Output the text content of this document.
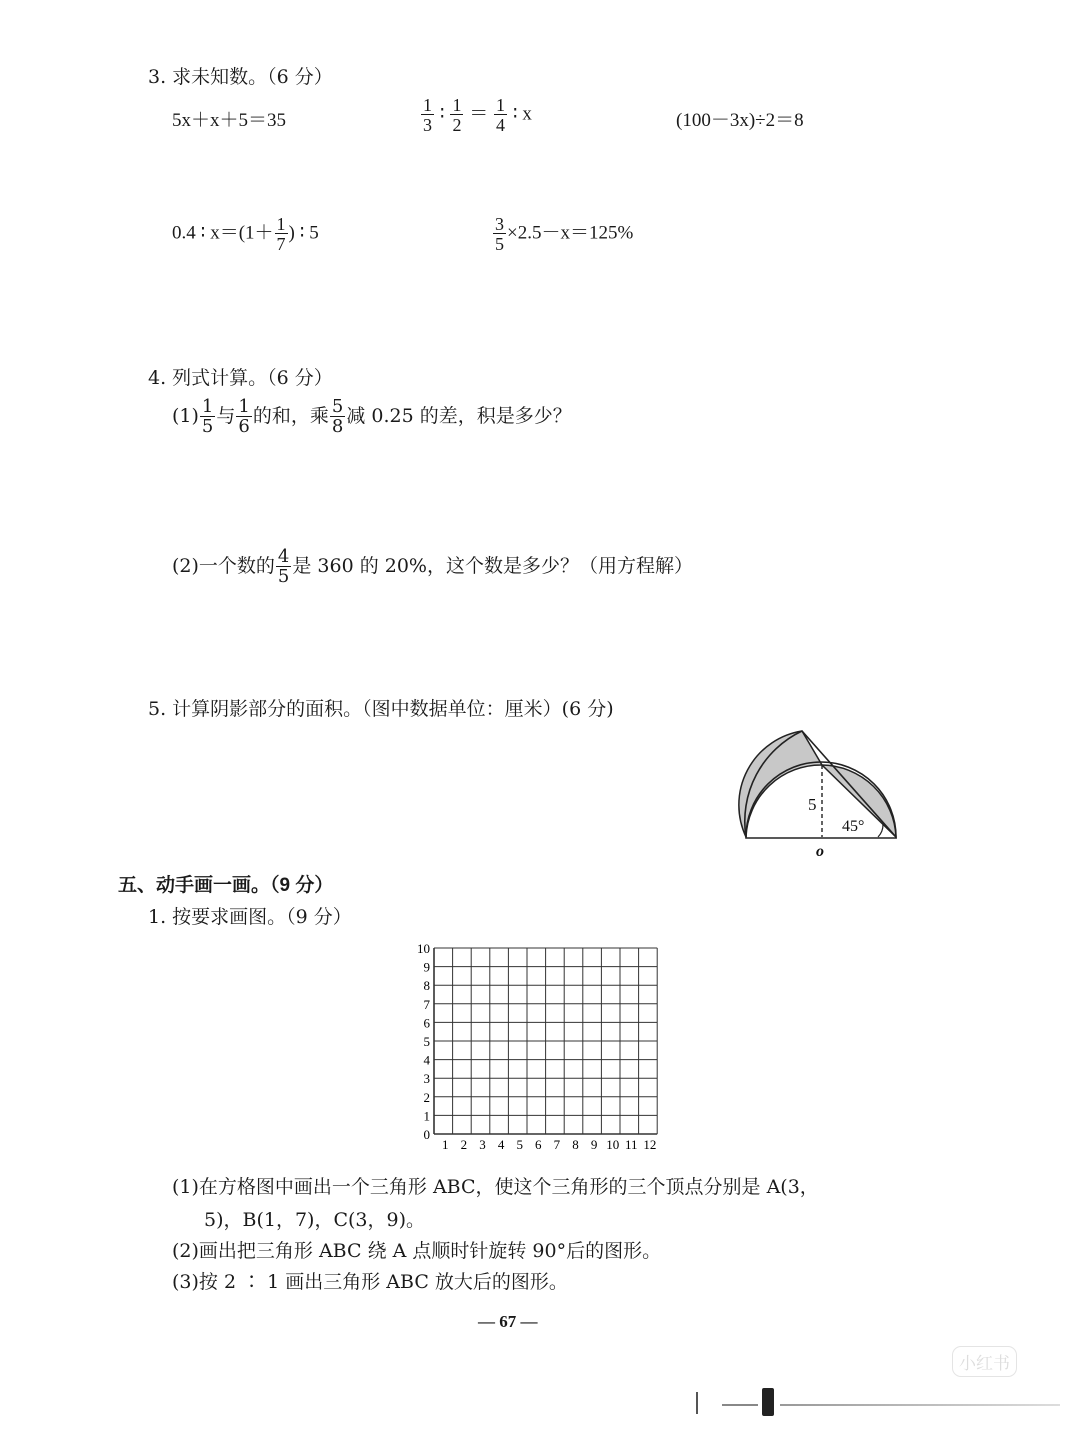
3. 求未知数。（6 分）
5x＋x＋5＝35	$\frac{1}{3}$ ∶ $\frac{1}{2} = \frac{1}{4}$ ∶ x	(100－3x)÷2＝8
0.4 ∶ $x=(1+ \frac{1}{7}$ ) ∶ 5	$\frac{3}{5} \times 2.5-x=125\%$
4. 列式计算。（6 分）
$(1) \frac{1}{5}$ 与 $\frac{1}{6}$ 的和，乘 $\frac{5}{8}$ 减 0.25 的差，积是多少？
(2)一个数的 $\frac{4}{5}$ 是 360 的 20%，这个数是多少？（用方程解）
5. 计算阴影部分的面积。（图中数据单位：厘米）(6 分)
5
45°
o
五、动手画一画。（9 分）
1. 按要求画图。（9 分）
0
1
2
3
4
5
6
7
8
9
10
1 2 3 4 5 6 7 8 9 10 11 12
(1)在方格图中画出一个三角形 ABC，使这个三角形的三个顶点分别是 A(3，
5)，B(1，7)，C(3，9)。
(2)画出把三角形 ABC 绕 A 点顺时针旋转 90°后的图形。
(3)按 2 ∶ 1 画出三角形 ABC 放大后的图形。
— 67 —
小红书
